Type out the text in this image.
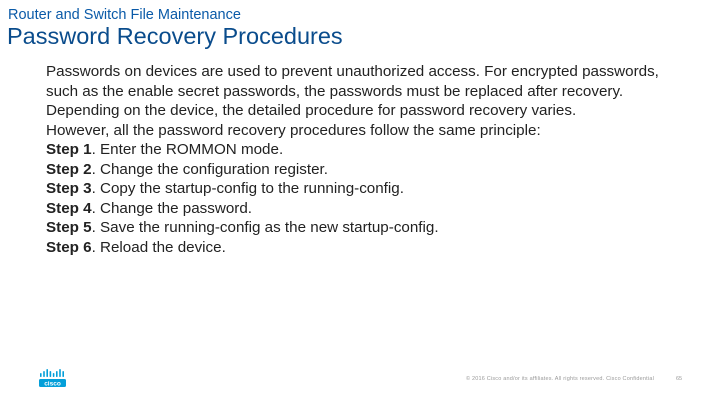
Router and Switch File Maintenance
Password Recovery Procedures

Passwords on devices are used to prevent unauthorized access. For encrypted passwords, such as the enable secret passwords, the passwords must be replaced after recovery. Depending on the device, the detailed procedure for password recovery varies.

However, all the password recovery procedures follow the same principle:

Step 1. Enter the ROMMON mode.
Step 2. Change the configuration register.
Step 3. Copy the startup-config to the running-config.
Step 4. Change the password.
Step 5. Save the running-config as the new startup-config.
Step 6. Reload the device.
cisco
© 2016 Cisco and/or its affiliates. All rights reserved. Cisco Confidential	65
